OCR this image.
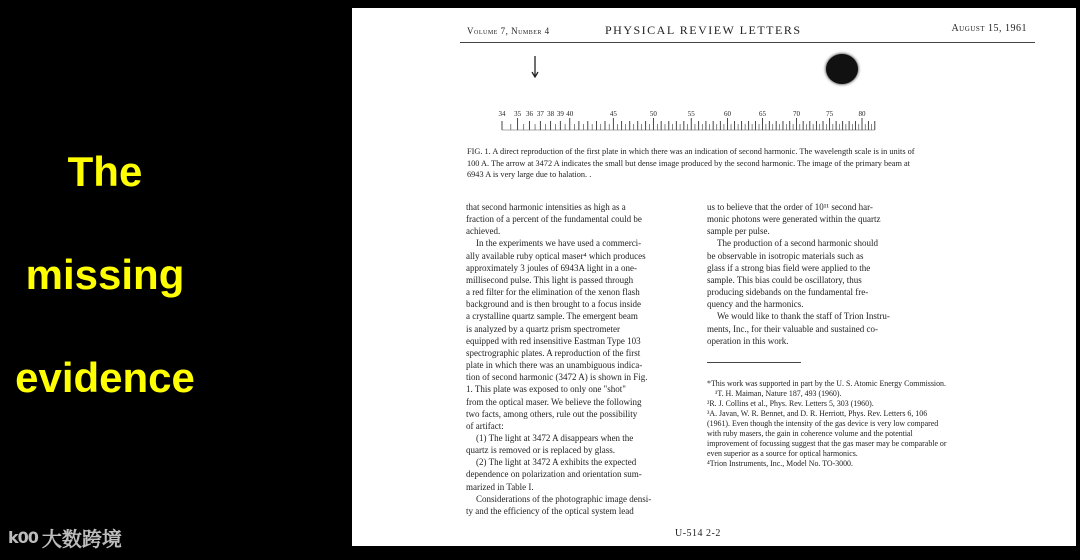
The
missing
evidence
k00 大数跨境
Volume 7, Number 4	PHYSICAL REVIEW LETTERS	August 15, 1961
34 35 36 37 38 39 40	45	50	55	60	65	70	75	80
FIG. 1. A direct reproduction of the first plate in which there was an indication of second harmonic. The wavelength scale is in units of 100 A. The arrow at 3472 A indicates the small but dense image produced by the second harmonic. The image of the primary beam at 6943 A is very large due to halation. .

that second harmonic intensities as high as a

fraction of a percent of the fundamental could be

achieved.

In the experiments we have used a commerci-

ally available ruby optical maser⁴ which produces

approximately 3 joules of 6943A light in a one-

millisecond pulse. This light is passed through

a red filter for the elimination of the xenon flash

background and is then brought to a focus inside

a crystalline quartz sample. The emergent beam

is analyzed by a quartz prism spectrometer

equipped with red insensitive Eastman Type 103

spectrographic plates. A reproduction of the first

plate in which there was an unambiguous indica-

tion of second harmonic (3472 A) is shown in Fig.

1. This plate was exposed to only one "shot"

from the optical maser. We believe the following

two facts, among others, rule out the possibility

of artifact:

(1) The light at 3472 A disappears when the

quartz is removed or is replaced by glass.

(2) The light at 3472 A exhibits the expected

dependence on polarization and orientation sum-

marized in Table I.

Considerations of the photographic image densi-

ty and the efficiency of the optical system lead

us to believe that the order of 10¹¹ second har-

monic photons were generated within the quartz

sample per pulse.

The production of a second harmonic should

be observable in isotropic materials such as

glass if a strong bias field were applied to the

sample. This bias could be oscillatory, thus

producing sidebands on the fundamental fre-

quency and the harmonics.

We would like to thank the staff of Trion Instru-

ments, Inc., for their valuable and sustained co-

operation in this work.

*This work was supported in part by the U. S. Atomic Energy Commission.

¹T. H. Maiman, Nature 187, 493 (1960).

²R. J. Collins et al., Phys. Rev. Letters 5, 303 (1960).

³A. Javan, W. R. Bennet, and D. R. Herriott, Phys. Rev. Letters 6, 106 (1961). Even though the intensity of the gas device is very low compared with ruby masers, the gain in coherence volume and the potential improvement of focussing suggest that the gas maser may be comparable or even superior as a source for optical harmonics.

⁴Trion Instruments, Inc., Model No. TO-3000.

U-514 2-2
